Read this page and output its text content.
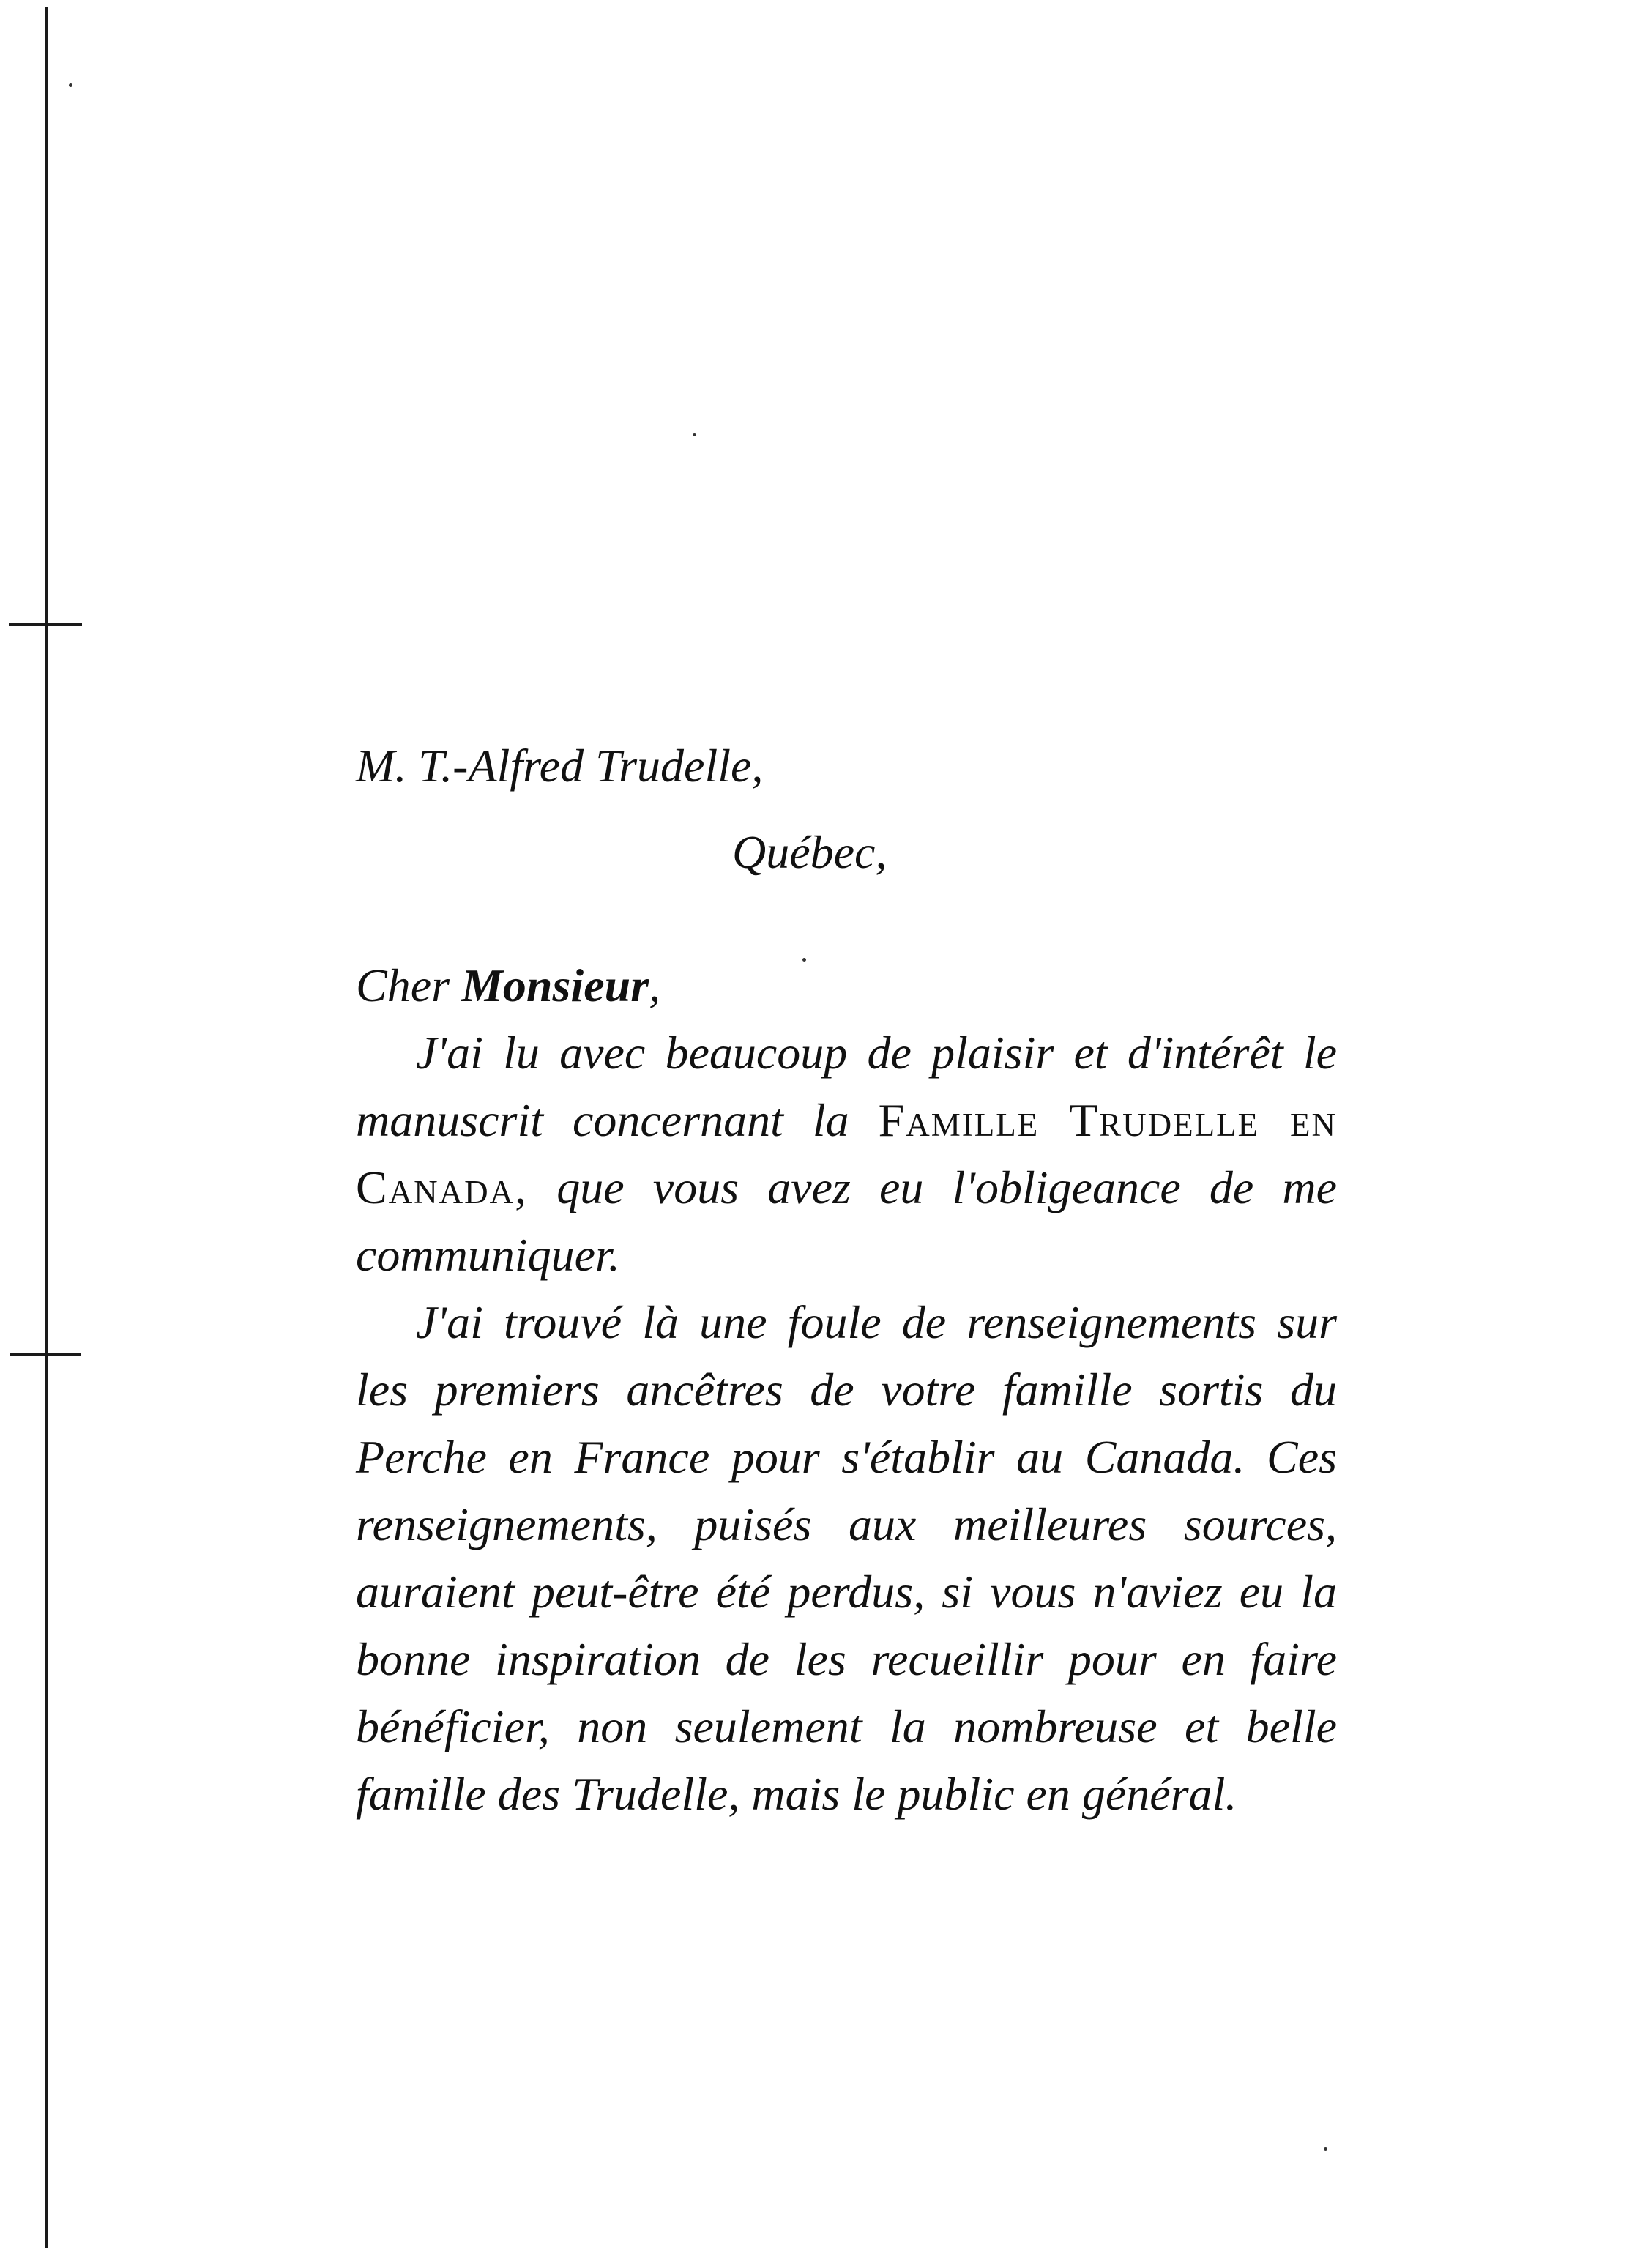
M. T.-Alfred Trudelle,
Québec,
Cher Monsieur,

J'ai lu avec beaucoup de plaisir et d'intérêt le manuscrit concernant la Famille Trudelle en Canada, que vous avez eu l'obligeance de me communiquer.

J'ai trouvé là une foule de renseignements sur les premiers ancêtres de votre famille sortis du Perche en France pour s'établir au Canada. Ces renseignements, puisés aux meilleures sources, auraient peut-être été perdus, si vous n'aviez eu la bonne inspiration de les recueillir pour en faire bénéficier, non seulement la nombreuse et belle famille des Trudelle, mais le public en général.
